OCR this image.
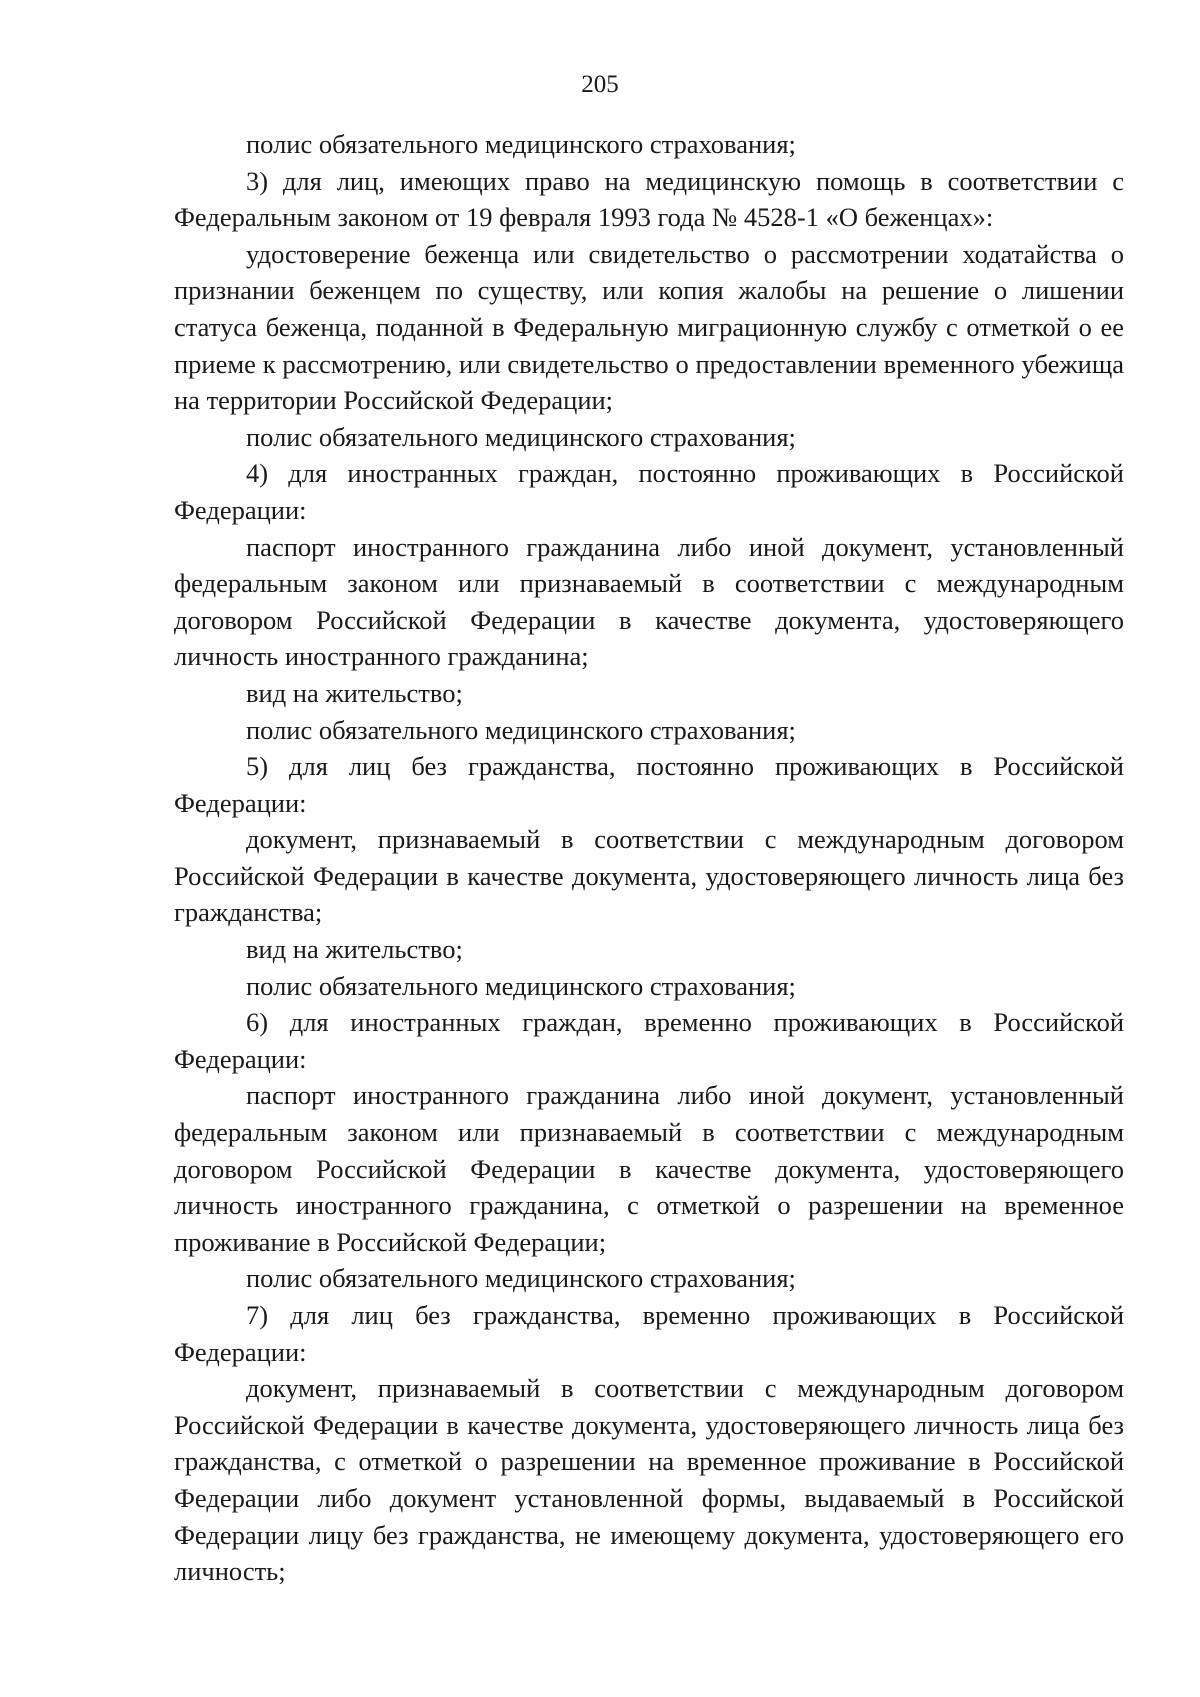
205

полис обязательного медицинского страхования;

3) для лиц, имеющих право на медицинскую помощь в соответствии с Федеральным законом от 19 февраля 1993 года № 4528-1 «О беженцах»:

удостоверение беженца или свидетельство о рассмотрении ходатайства о признании беженцем по существу, или копия жалобы на решение о лишении статуса беженца, поданной в Федеральную миграционную службу с отметкой о ее приеме к рассмотрению, или свидетельство о предоставлении временного убежища на территории Российской Федерации;

полис обязательного медицинского страхования;

4) для иностранных граждан, постоянно проживающих в Российской Федерации:

паспорт иностранного гражданина либо иной документ, установленный федеральным законом или признаваемый в соответствии с международным договором Российской Федерации в качестве документа, удостоверяющего личность иностранного гражданина;

вид на жительство;

полис обязательного медицинского страхования;

5) для лиц без гражданства, постоянно проживающих в Российской Федерации:

документ, признаваемый в соответствии с международным договором Российской Федерации в качестве документа, удостоверяющего личность лица без гражданства;

вид на жительство;

полис обязательного медицинского страхования;

6) для иностранных граждан, временно проживающих в Российской Федерации:

паспорт иностранного гражданина либо иной документ, установленный федеральным законом или признаваемый в соответствии с международным договором Российской Федерации в качестве документа, удостоверяющего личность иностранного гражданина, с отметкой о разрешении на временное проживание в Российской Федерации;

полис обязательного медицинского страхования;

7) для лиц без гражданства, временно проживающих в Российской Федерации:

документ, признаваемый в соответствии с международным договором Российской Федерации в качестве документа, удостоверяющего личность лица без гражданства, с отметкой о разрешении на временное проживание в Российской Федерации либо документ установленной формы, выдаваемый в Российской Федерации лицу без гражданства, не имеющему документа, удостоверяющего его личность;
